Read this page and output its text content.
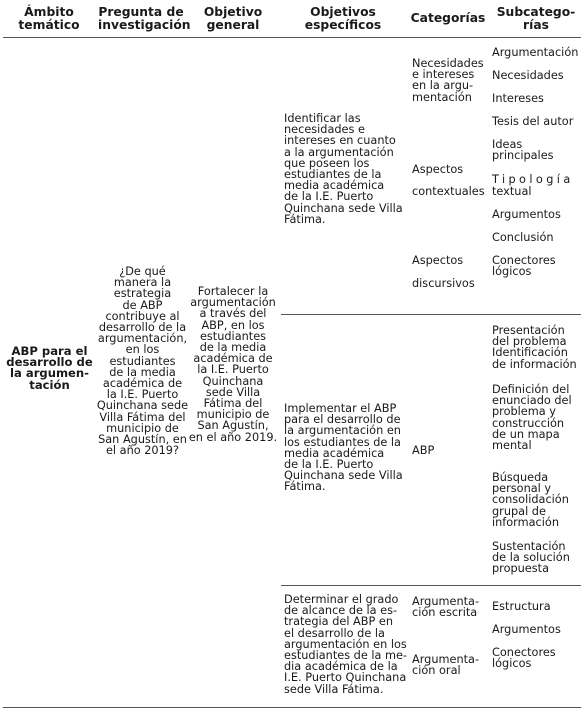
Ámbito
temático
Pregunta de
investigación
Objetivo
general
Objetivos
específicos	Categorías Subcatego-
rías
ABP para el
desarrollo de
la argumen-
tación
¿De qué
manera la
estrategia
de ABP
contribuye al
desarrollo de la
argumentación,
en los
estudiantes
de la media
académica de
la I.E. Puerto
Quinchana sede
Villa Fátima del
municipio de
San Agustín, en
el año 2019?
Fortalecer la
argumentación
a través del
ABP, en los
estudiantes
de la media
académica de
la I.E. Puerto
Quinchana
sede Villa
Fátima del
municipio de
San Agustín,
en el año 2019.
Identificar las
necesidades e
intereses en cuanto
a la argumentación
que poseen los
estudiantes de la
media académica
de la I.E. Puerto
Quinchana sede Villa
Fátima.
Implementar el ABP
para el desarrollo de
la argumentación en
los estudiantes de la
media académica
de la I.E. Puerto
Quinchana sede Villa
Fátima.
Determinar el grado
de alcance de la es-
trategia del ABP en
el desarrollo de la
argumentación en los
estudiantes de la me-
dia académica de la
I.E. Puerto Quinchana
sede Villa Fátima.
Necesidades
e intereses
en la argu-
mentación
Aspectos
contextuales
Aspectos
discursivos
ABP
Argumenta-
ción escrita
Argumenta-
ción oral
Argumentación
Necesidades
Intereses
Tesis del autor
Ideas
principales
Tipología
textual
Argumentos
Conclusión
Conectores
lógicos
Presentación
del problema
Identificación
de información
Definición del
enunciado del
problema y
construcción
de un mapa
mental
Búsqueda
personal y
consolidación
grupal de
información
Sustentación
de la solución
propuesta
Estructura
Argumentos
Conectores
lógicos
